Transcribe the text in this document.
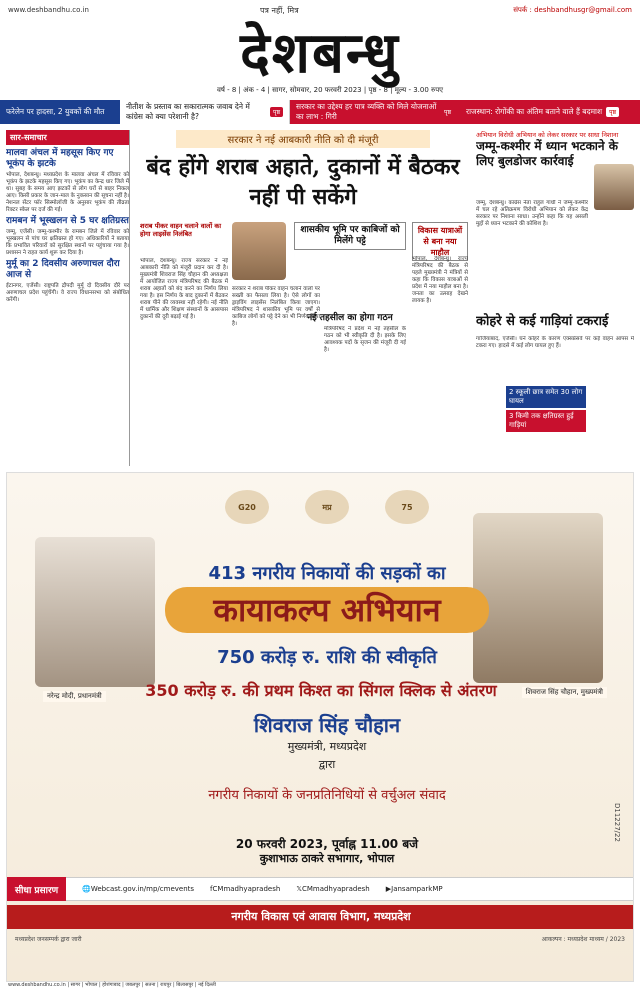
www.deshbandhu.co.in	पत्र नहीं, मित्र	संपर्क : deshbandhusgr@gmail.com
देशबन्धु
वर्ष - 8 | अंक - 4 | सागर, सोमवार, 20 फरवरी 2023 | पृष्ठ - 8 | मूल्य - 3.00 रुपए
फरेलेन पर हादसा, 2 युवकों की मौत
नीतीश के प्रस्ताव का सकारात्मक जवाब देने में कांग्रेस को क्या परेशानी है?	पृष्ठ
सरकार का उद्देश्य हर पात्र व्यक्ति को मिले योजनाओं का लाभ : गिरी	पृष्ठ	राजस्थान: रोगोंकी का अंतिम बताने वाले हैं बदमाश	पृष्ठ
सार-समाचार
मालवा अंचल में महसूस किए गए भूकंप के झटके
भोपाल, देशबन्धु। मध्यप्रदेश के मालवा अंचल में रविवार को भूकंप के झटके महसूस किए गए। भूकंप का केन्द्र धार जिले में था। सुबह के समय आए झटकों से लोग घरों से बाहर निकल आए। किसी प्रकार के जान-माल के नुकसान की सूचना नहीं है। नेशनल सेंटर फॉर सिस्मोलॉजी के अनुसार भूकंप की तीव्रता रिक्टर स्केल पर दर्ज की गई।
रामबन में भूस्खलन से 5 घर क्षतिग्रस्त
जम्मू, एजेंसी। जम्मू-कश्मीर के रामबन जिले में रविवार को भूस्खलन से पांच घर क्षतिग्रस्त हो गए। अधिकारियों ने बताया कि प्रभावित परिवारों को सुरक्षित स्थानों पर पहुंचाया गया है। प्रशासन ने राहत कार्य शुरू कर दिया है।
मुर्मू का 2 दिवसीय अरुणाचल दौरा आज से
ईटानगर, एजेंसी। राष्ट्रपति द्रौपदी मुर्मू दो दिवसीय दौरे पर अरुणाचल प्रदेश पहुंचेंगी। वे राज्य विधानसभा को संबोधित करेंगी।
सरकार ने नई आबकारी नीति को दी मंजूरी
बंद होंगे शराब अहाते, दुकानों में बैठकर नहीं पी सकेंगे
शराब पीकर वाहन चलाने वालों का होगा लाइसेंस निलंबित	शासकीय भूमि पर काबिजों को मिलेंगे पट्टे
भोपाल, देशबन्धु। राज्य सरकार ने नई आबकारी नीति को मंजूरी प्रदान कर दी है। मुख्यमंत्री शिवराज सिंह चौहान की अध्यक्षता में आयोजित राज्य मंत्रिपरिषद की बैठक में शराब अहातों को बंद करने का निर्णय लिया गया है। इस निर्णय के बाद दुकानों में बैठकर शराब पीने की व्यवस्था नहीं रहेगी। नई नीति में धार्मिक और शिक्षण संस्थानों के आसपास दुकानों की दूरी बढ़ाई गई है।
सरकार ने शराब पीकर वाहन चलाने वालों पर सख्ती का फैसला लिया है। ऐसे लोगों का ड्राइविंग लाइसेंस निलंबित किया जाएगा। मंत्रिपरिषद ने शासकीय भूमि पर वर्षों से काबिज लोगों को पट्टे देने का भी निर्णय लिया है।
नई तहसील का होगा गठन
मंत्रिपरिषद ने प्रदेश में नई तहसील के गठन को भी स्वीकृति दी है। इसके लिए आवश्यक पदों के सृजन की मंजूरी दी गई है।
विकास यात्राओं से बना नया माहौल
भोपाल, देशबन्धु। राज्य मंत्रिपरिषद की बैठक से पहले मुख्यमंत्री ने मंत्रियों से कहा कि विकास यात्राओं से प्रदेश में नया माहौल बना है। जनता का उत्साह देखने लायक है।
अभियान विरोधी अभियान को लेकर सरकार पर साधा निशाना
जम्मू-कश्मीर में ध्यान भटकाने के लिए बुलडोजर कार्रवाई
जम्मू, देशबन्धु। कांग्रेस नेता राहुल गांधी ने जम्मू-कश्मीर में चल रहे अतिक्रमण विरोधी अभियान को लेकर केंद्र सरकार पर निशाना साधा। उन्होंने कहा कि यह असली मुद्दों से ध्यान भटकाने की कोशिश है।
कोहरे से कई गाड़ियां टकराई
गाजियाबाद, एजेंसी। घने कोहरे के कारण एक्सप्रेसवे पर कई वाहन आपस में टकरा गए। हादसे में कई लोग घायल हुए हैं।
2 स्कूली छात्र समेत 30 लोग घायल
3 किमी तक क्षतिग्रस्त हुई गाड़ियां
G20	मप्र	75
नरेन्द्र मोदी, प्रधानमंत्री	शिवराज सिंह चौहान, मुख्यमंत्री
413 नगरीय निकायों की सड़कों का
कायाकल्प अभियान
750 करोड़ रु. राशि की स्वीकृति
350 करोड़ रु. की प्रथम किश्त का सिंगल क्लिक से अंतरण
शिवराज सिंह चौहान
मुख्यमंत्री, मध्यप्रदेश
द्वारा
नगरीय निकायों के जनप्रतिनिधियों से वर्चुअल संवाद
20 फरवरी 2023, पूर्वाह्न 11.00 बजे
कुशाभाऊ ठाकरे सभागार, भोपाल
D11227/22
सीधा प्रसारण	🌐 Webcast.gov.in/mp/cmevents f CMmadhyapradesh 𝕏 CMmadhyapradesh ▶ JansamparkMP
नगरीय विकास एवं आवास विभाग, मध्यप्रदेश
मध्यप्रदेश जनसम्पर्क द्वारा जारी	आकल्पन : मध्यप्रदेश माध्यम / 2023
www.deshbandhu.co.in | सागर | भोपाल | होशंगाबाद | जबलपुर | सतना | रायपुर | बिलासपुर | नई दिल्ली
